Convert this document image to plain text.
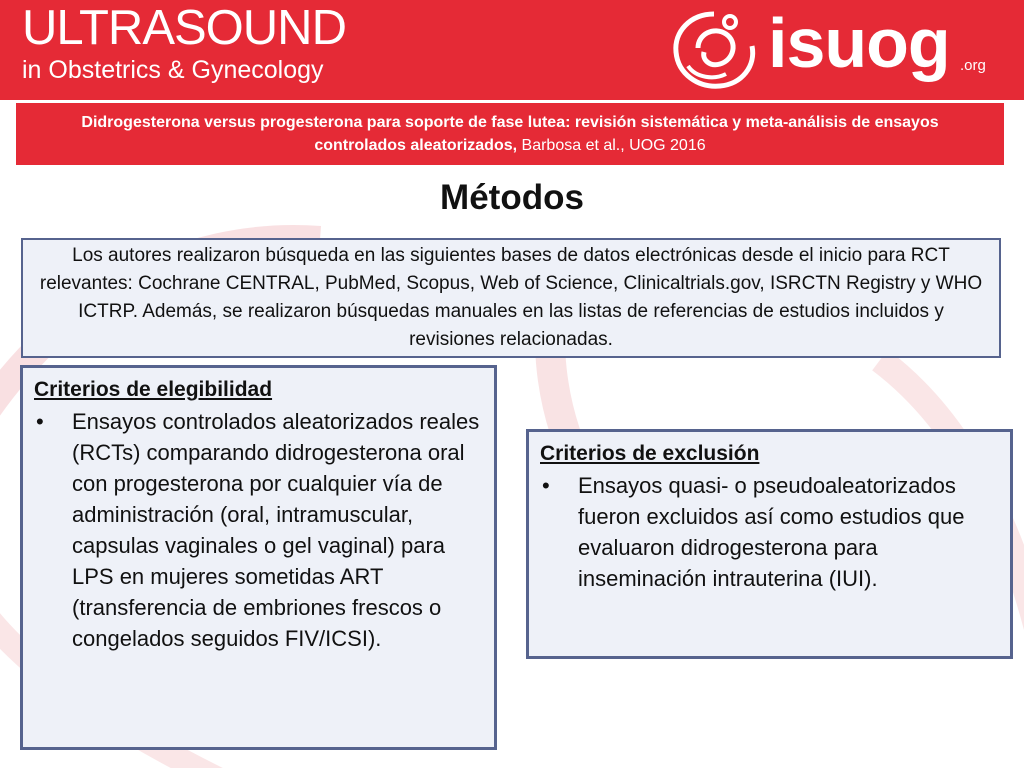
ULTRASOUND
in Obstetrics & Gynecology	isuog .org
Didrogesterona versus progesterona para soporte de fase lutea: revisión sistemática y meta-análisis de ensayos controlados aleatorizados, Barbosa et al., UOG 2016
Métodos
Los autores realizaron búsqueda en las siguientes bases de datos electrónicas desde el inicio para RCT relevantes: Cochrane CENTRAL, PubMed, Scopus, Web of Science, Clinicaltrials.gov, ISRCTN Registry y WHO ICTRP. Además, se realizaron búsquedas manuales en las listas de referencias de estudios incluidos y revisiones relacionadas.
Criterios de elegibilidad
•	Ensayos controlados aleatorizados reales (RCTs) comparando didrogesterona oral con progesterona por cualquier vía de administración (oral, intramuscular, capsulas vaginales o gel vaginal) para LPS en mujeres sometidas ART (transferencia de embriones frescos o congelados seguidos FIV/ICSI).
Criterios de exclusión
•	Ensayos quasi- o pseudoaleatorizados fueron excluidos así como estudios que evaluaron didrogesterona para inseminación intrauterina (IUI).
